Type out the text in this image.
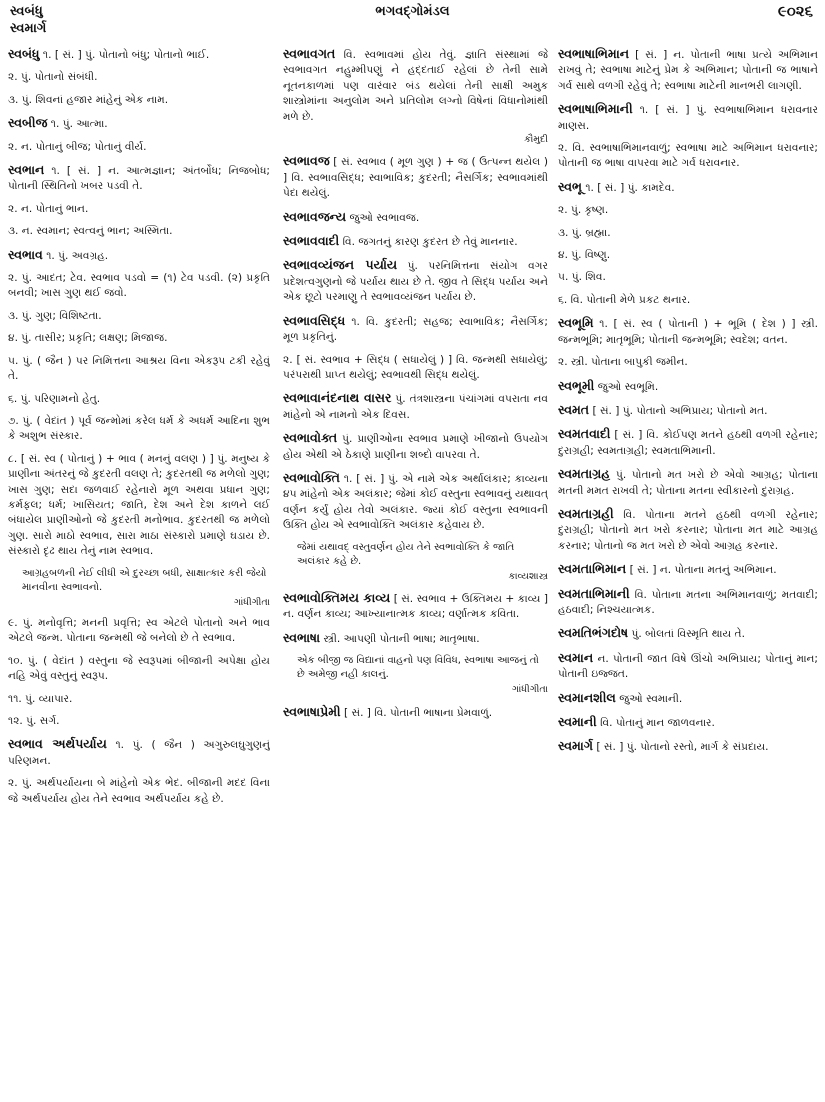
સ્વબંધુ
સ્વમાર્ગ
ભગવદ્ગોમંડલ	૯૦૨૬
સ્વબંધુ ૧. [ સં. ] પું. પોતાનો બંધુ; પોતાનો ભાઈ.
૨. પું. પોતાનો સંબંધી.
૩. પું. શિવનાં હજાર માંહેનું એક નામ.
સ્વબીજ ૧. પું. આત્મા.
૨. ન. પોતાનું બીજ; પોતાનું વીર્ય.
સ્વભાન ૧. [ સં. ] ન. આત્મજ્ઞાન; અંતર્બોધ; નિજબોધ; પોતાની સ્થિતિનો ખબર પડવી તે.
૨. ન. પોતાનું ભાન.
૩. ન. સ્વમાન; સ્વત્વનું ભાન; અસ્મિતા.
સ્વભાવ ૧. પું. અવગ્રહ.
૨. પું. આદત; ટેવ. સ્વભાવ પડવો = (૧) ટેવ પડવી. (૨) પ્રકૃતિ બનવી; ખાસ ગુણ થઈ જવો.
૩. પું. ગુણ; વિશિષ્ટતા.
૪. પું. તાસીર; પ્રકૃતિ; લક્ષણ; મિજાજ.
૫. પું. ( જૈન ) પર નિમિત્તના આશ્રય વિના એકરૂપ ટકી રહેવું તે.
૬. પું. પરિણામનો હેતુ.
૭. પું. ( વેદાંત ) પૂર્વ જન્મોમાં કરેલ ધર્મ કે અધર્મ આદિના શુભ કે અશુભ સંસ્કાર.
૮. [ સં. સ્વ ( પોતાનું ) + ભાવ ( મનનું વલણ ) ] પું. મનુષ્ય કે પ્રાણીના અંતરનું જે કુદરતી વલણ તે; કુદરતથી જ મળેલો ગુણ; ખાસ ગુણ; સદા જળવાઈ રહેનારો મૂળ અથવા પ્રધાન ગુણ; કર્મફલ; ધર્મ; ખાસિયત; જાતિ, દેશ અને દેશ કાળને લઈ બંધાયેલ પ્રાણીઓનો જે કુદરતી મનોભાવ. કુદરતથી જ મળેલો ગુણ. સારો માઠો સ્વભાવ, સારા માઠા સંસ્કારો પ્રમાણે ઘડાય છે. સંસ્કારો દૃઢ થાય તેનું નામ સ્વભાવ.
આગ્રહબળની નેઈ લીધી એ દુરચ્છા બધી, સાક્ષાત્કાર કરી જેયો માનવીના સ્વભાવનો.
ગાંધીગીતા
૯. પું. મનોવૃત્તિ; મનની પ્રવૃત્તિ; સ્વ એટલે પોતાનો અને ભાવ એટલે જન્મ. પોતાના જન્મથી જે બનેલો છે તે સ્વભાવ.
૧૦. પું. ( વેદાંત ) વસ્તુના જે સ્વરૂપમાં બીજાની અપેક્ષા હોય નહિ એવું વસ્તુનું સ્વરૂપ.
૧૧. પું. વ્યાપાર.
૧૨. પું. સર્ગ.
સ્વભાવ અર્થપર્યાય ૧. પું. ( જૈન ) અગુરુલઘુગુણનું પરિણમન.
૨. પું. અર્થપર્યાયના બે માંહેનો એક ભેદ. બીજાની મદદ વિના જે અર્થપર્યાય હોય તેને સ્વભાવ અર્થપર્યાય કહે છે.
સ્વભાવગત વિ. સ્વભાવમાં હોય તેવું. જ્ઞાતિ સંસ્થામાં જે સ્વભાવગત નહુમ્મીપણું ને હદ્દતાઈ રહેલાં છે તેની સામે નૂતનકાળમાં પણ વારંવાર બંડ થયેલાં તેની સાક્ષી અમુક શાસ્ત્રોમાંના અનુલોમ અને પ્રતિલોમ લગ્નો વિષેનાં વિધાનોમાંથી મળે છે.
કૌમુદી
સ્વભાવજ [ સં. સ્વભાવ ( મૂળ ગુણ ) + જ ( ઉત્પન્ન થયેલ ) ] વિ. સ્વભાવસિદ્ધ; સ્વાભાવિક; કુદરતી; નૈસર્ગિક; સ્વભાવમાંથી પેદા થયેલું.
સ્વભાવજન્ય જુઓ સ્વભાવજ.
સ્વભાવવાદી વિ. જગતનું કારણ કુદરત છે તેવું માનનાર.
સ્વભાવવ્યંજન પર્યાય પું. પરનિમિત્તના સંયોગ વગર પ્રદેશત્વગુણનો જે પર્યાય થાય છે તે. જીવ તે સિદ્ધ પર્યાય અને એક છૂટો પરમાણુ તે સ્વભાવવ્યંજન પર્યાય છે.
સ્વભાવસિદ્ધ ૧. વિ. કુદરતી; સહજ; સ્વાભાવિક; નૈસર્ગિક; મૂળ પ્રકૃતિનું.
૨. [ સં. સ્વભાવ + સિદ્ધ ( સધાયેલું ) ] વિ. જન્મથી સધાયેલું; પરંપરાથી પ્રાપ્ત થયેલું; સ્વભાવથી સિદ્ધ થયેલું.
સ્વભાવાનંદનાથ વાસર પું. તંત્રશાસ્ત્રના પંચાંગમાં વપરાતા નવ માંહેનો એ નામનો એક દિવસ.
સ્વભાવોક્ત પું. પ્રાણીઓના સ્વભાવ પ્રમાણે ખીજાનો ઉપયોગ હોય એથી એ ઠેકાણે પ્રાણીના શબ્દો વાપરવા તે.
સ્વભાવોક્તિ ૧. [ સં. ] પું. એ નામે એક અર્થાલંકાર; કાવ્યના ૪૫ માંહેનો એક અલંકાર; જેમાં કોઈ વસ્તુના સ્વભાવનું યથાવત્ વર્ણન કર્યું હોય તેવો અલંકાર. જ્યાં કોઈ વસ્તુના સ્વભાવની ઉક્તિ હોય એ સ્વભાવોક્તિ અલંકાર કહેવાય છે.
જેમાં યથાવદ્ વસ્તુવર્ણન હોય તેને સ્વભાવોક્તિ કે જાતિ અલંકાર કહે છે.
કાવ્યશાસ્ત્ર
સ્વભાવોક્તિમય કાવ્ય [ સં. સ્વભાવ + ઉક્તિમય + કાવ્ય ] ન. વર્ણન કાવ્ય; આખ્યાનાત્મક કાવ્ય; વર્ણાત્મક કવિતા.
સ્વભાષા સ્ત્રી. આપણી પોતાની ભાષા; માતૃભાષા.
એક બીજી જ વિદ્યાનાં વાહનો પણ વિવિધ, સ્વભાષા આજનું તો છે અમેજી નહી કાલનું.
ગાંધીગીતા
સ્વભાષાપ્રેમી [ સં. ] વિ. પોતાની ભાષાના પ્રેમવાળું.
સ્વભાષાભિમાન [ સં. ] ન. પોતાની ભાષા પ્રત્યે અભિમાન રાખવું તે; સ્વભાષા માટેનું પ્રેમ કે અભિમાન; પોતાની જ ભાષાને ગર્વ સાથે વળગી રહેવું તે; સ્વભાષા માટેની માનભરી લાગણી.
સ્વભાષાભિમાની ૧. [ સં. ] પું. સ્વભાષાભિમાન ધરાવનાર માણસ.
૨. વિ. સ્વભાષાભિમાનવાળું; સ્વભાષા માટે અભિમાન ધરાવનાર; પોતાની જ ભાષા વાપરવા માટે ગર્વ ધરાવનાર.
સ્વભૂ ૧. [ સં. ] પું. કામદેવ.
૨. પું. કૃષ્ણ.
૩. પું. બ્રહ્મા.
૪. પું. વિષ્ણુ.
૫. પું. શિવ.
૬. વિ. પોતાની મેળે પ્રકટ થનાર.
સ્વભૂમિ ૧. [ સં. સ્વ ( પોતાની ) + ભૂમિ ( દેશ ) ] સ્ત્રી. જન્મભૂમિ; માતૃભૂમિ; પોતાની જન્મભૂમિ; સ્વદેશ; વતન.
૨. સ્ત્રી. પોતાના બાપુકી જમીન.
સ્વભૂમી જુઓ સ્વભૂમિ.
સ્વમત [ સં. ] પું. પોતાનો અભિપ્રાય; પોતાનો મત.
સ્વમતવાદી [ સં. ] વિ. કોઈપણ મતને હઠથી વળગી રહેનાર; દુરાગ્રહી; સ્વમતાગ્રહી; સ્વમતાભિમાની.
સ્વમતાગ્રહ પું. પોતાનો મત ખરો છે એવો આગ્રહ; પોતાના મતની મમત રાખવી તે; પોતાના મતના સ્વીકારનો દુરાગ્રહ.
સ્વમતાગ્રહી વિ. પોતાના મતને હઠથી વળગી રહેનાર; દુરાગ્રહી; પોતાનો મત ખરો કરનાર; પોતાના મત માટે આગ્રહ કરનાર; પોતાનો જ મત ખરો છે એવો આગ્રહ કરનાર.
સ્વમતાભિમાન [ સં. ] ન. પોતાના મતનું અભિમાન.
સ્વમતાભિમાની વિ. પોતાના મતના અભિમાનવાળું; મતવાદી; હઠવાદી; નિશ્ચયાત્મક.
સ્વમતિભંગદોષ પું. બોલતાં વિસ્મૃતિ થાય તે.
સ્વમાન ન. પોતાની જાત વિષે ઊંચો અભિપ્રાય; પોતાનું માન; પોતાની ઇજ્જત.
સ્વમાનશીલ જુઓ સ્વમાની.
સ્વમાની વિ. પોતાનું માન જાળવનાર.
સ્વમાર્ગ [ સં. ] પું. પોતાનો રસ્તો, માર્ગ કે સંપ્રદાય.
